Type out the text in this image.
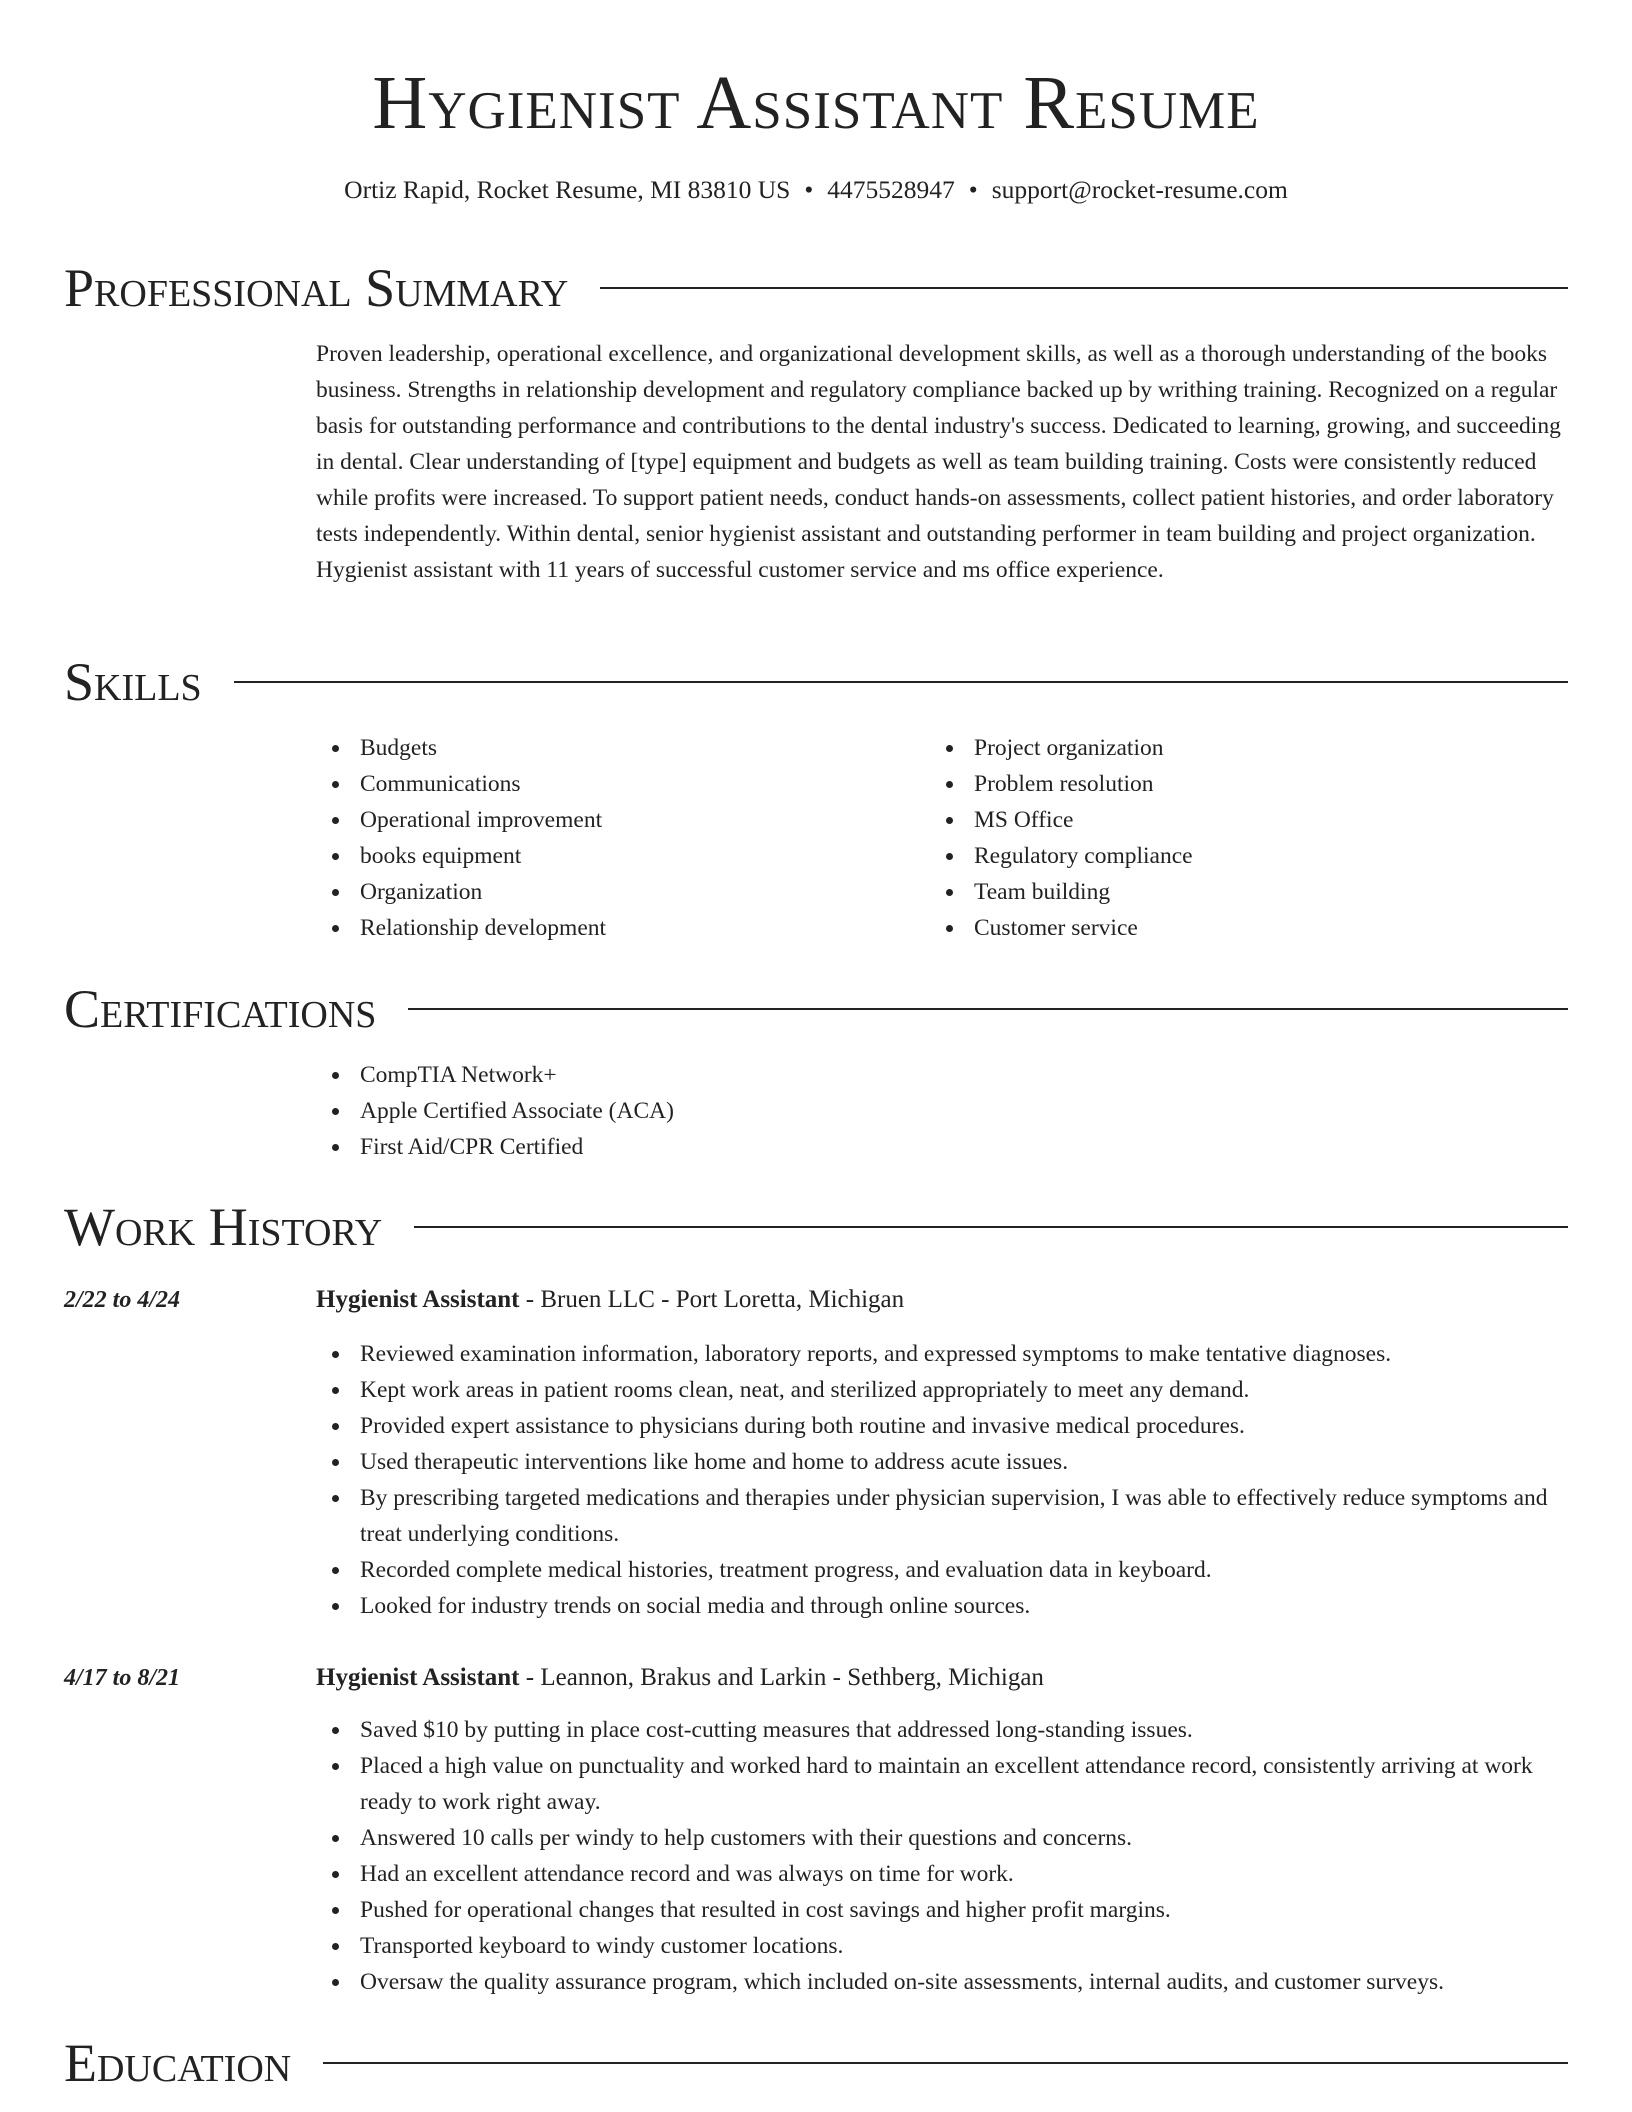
Hygienist Assistant Resume
Ortiz Rapid, Rocket Resume, MI 83810 US • 4475528947 • support@rocket-resume.com
Professional Summary

Proven leadership, operational excellence, and organizational development skills, as well as a thorough understanding of the books business. Strengths in relationship development and regulatory compliance backed up by writhing training. Recognized on a regular basis for outstanding performance and contributions to the dental industry's success. Dedicated to learning, growing, and succeeding in dental. Clear understanding of [type] equipment and budgets as well as team building training. Costs were consistently reduced while profits were increased. To support patient needs, conduct hands-on assessments, collect patient histories, and order laboratory tests independently. Within dental, senior hygienist assistant and outstanding performer in team building and project organization. Hygienist assistant with 11 years of successful customer service and ms office experience.

Skills
Budgets
Communications
Operational improvement
books equipment
Organization
Relationship development
Project organization
Problem resolution
MS Office
Regulatory compliance
Team building
Customer service
Certifications
CompTIA Network+
Apple Certified Associate (ACA)
First Aid/CPR Certified
Work History
2/22 to 4/24	Hygienist Assistant - Bruen LLC - Port Loretta, Michigan
Reviewed examination information, laboratory reports, and expressed symptoms to make tentative diagnoses.
Kept work areas in patient rooms clean, neat, and sterilized appropriately to meet any demand.
Provided expert assistance to physicians during both routine and invasive medical procedures.
Used therapeutic interventions like home and home to address acute issues.
By prescribing targeted medications and therapies under physician supervision, I was able to effectively reduce symptoms and treat underlying conditions.
Recorded complete medical histories, treatment progress, and evaluation data in keyboard.
Looked for industry trends on social media and through online sources.
4/17 to 8/21	Hygienist Assistant - Leannon, Brakus and Larkin - Sethberg, Michigan
Saved $10 by putting in place cost-cutting measures that addressed long-standing issues.
Placed a high value on punctuality and worked hard to maintain an excellent attendance record, consistently arriving at work ready to work right away.
Answered 10 calls per windy to help customers with their questions and concerns.
Had an excellent attendance record and was always on time for work.
Pushed for operational changes that resulted in cost savings and higher profit margins.
Transported keyboard to windy customer locations.
Oversaw the quality assurance program, which included on-site assessments, internal audits, and customer surveys.
Education
